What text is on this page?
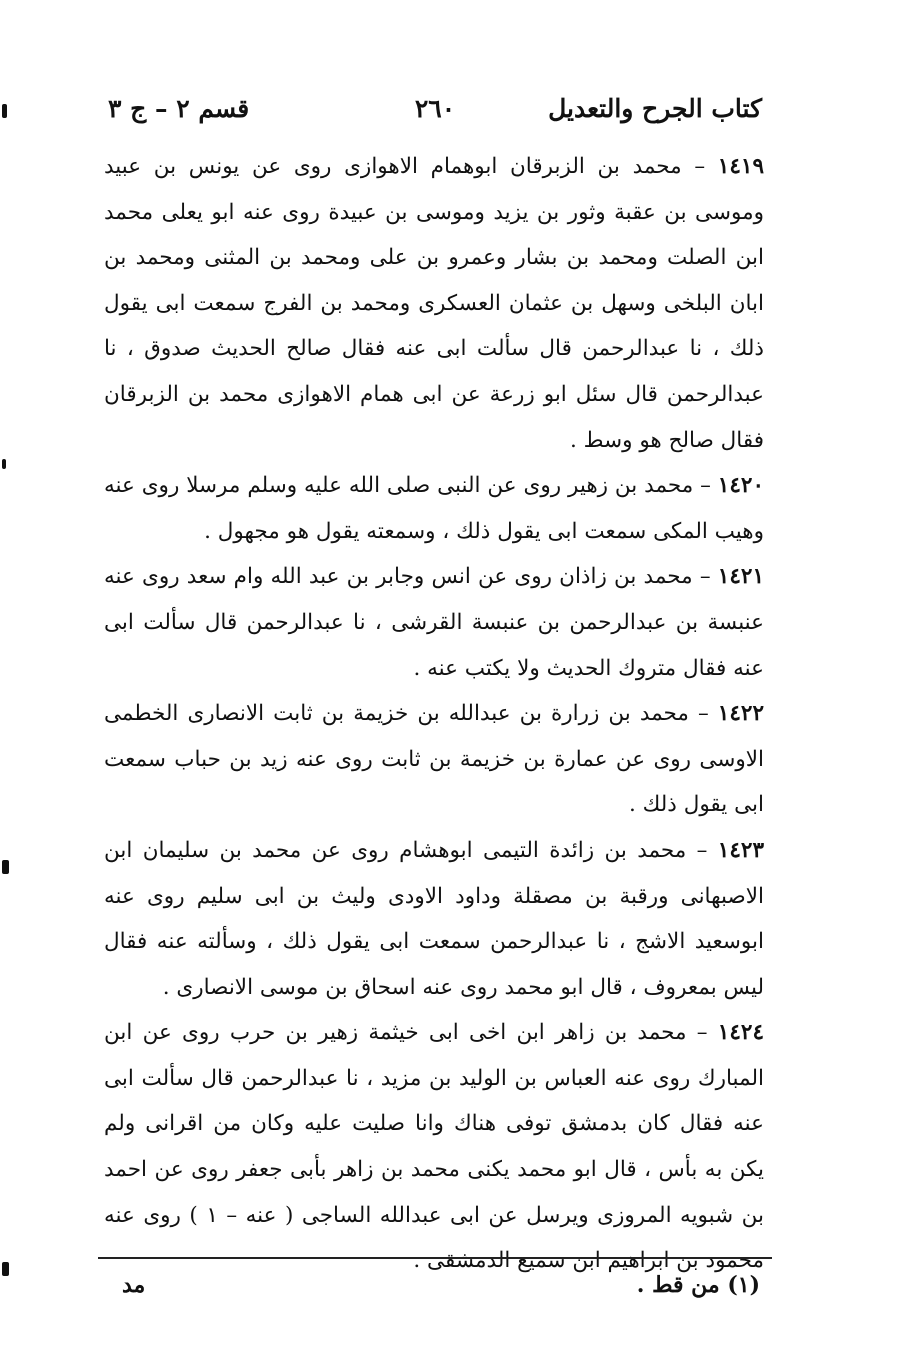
كتاب الجرح والتعديل
٢٦٠
قسم ٢ – ج ٣

١٤١٩ – محمد بن الزبرقان ابوهمام الاهوازى روى عن يونس بن عبيد وموسى بن عقبة وثور بن يزيد وموسى بن عبيدة روى عنه ابو يعلى محمد ابن الصلت ومحمد بن بشار وعمرو بن على ومحمد بن المثنى ومحمد بن ابان البلخى وسهل بن عثمان العسكرى ومحمد بن الفرج سمعت ابى يقول ذلك ، نا عبدالرحمن قال سألت ابى عنه فقال صالح الحديث صدوق ، نا عبدالرحمن قال سئل ابو زرعة عن ابى همام الاهوازى محمد بن الزبرقان فقال صالح هو وسط .

١٤٢٠ – محمد بن زهير روى عن النبى صلى الله عليه وسلم مرسلا روى عنه وهيب المكى سمعت ابى يقول ذلك ، وسمعته يقول هو مجهول .

١٤٢١ – محمد بن زاذان روى عن انس وجابر بن عبد الله وام سعد روى عنه عنبسة بن عبدالرحمن بن عنبسة القرشى ، نا عبدالرحمن قال سألت ابى عنه فقال متروك الحديث ولا يكتب عنه .

١٤٢٢ – محمد بن زرارة بن عبدالله بن خزيمة بن ثابت الانصارى الخطمى الاوسى روى عن عمارة بن خزيمة بن ثابت روى عنه زيد بن حباب سمعت ابى يقول ذلك .

١٤٢٣ – محمد بن زائدة التيمى ابوهشام روى عن محمد بن سليمان ابن الاصبهانى ورقبة بن مصقلة وداود الاودى وليث بن ابى سليم روى عنه ابوسعيد الاشج ، نا عبدالرحمن سمعت ابى يقول ذلك ، وسألته عنه فقال ليس بمعروف ، قال ابو محمد روى عنه اسحاق بن موسى الانصارى .

١٤٢٤ – محمد بن زاهر ابن اخى ابى خيثمة زهير بن حرب روى عن ابن المبارك روى عنه العباس بن الوليد بن مزيد ، نا عبدالرحمن قال سألت ابى عنه فقال كان بدمشق توفى هناك وانا صليت عليه وكان من اقرانى ولم يكن به بأس ، قال ابو محمد يكنى محمد بن زاهر بأبى جعفر روى عن احمد بن شبويه المروزى ويرسل عن ابى عبدالله الساجى ( عنه – ١ ) روى عنه محمود بن ابراهيم ابن سميع الدمشقى .

(١) من قط .
مد
